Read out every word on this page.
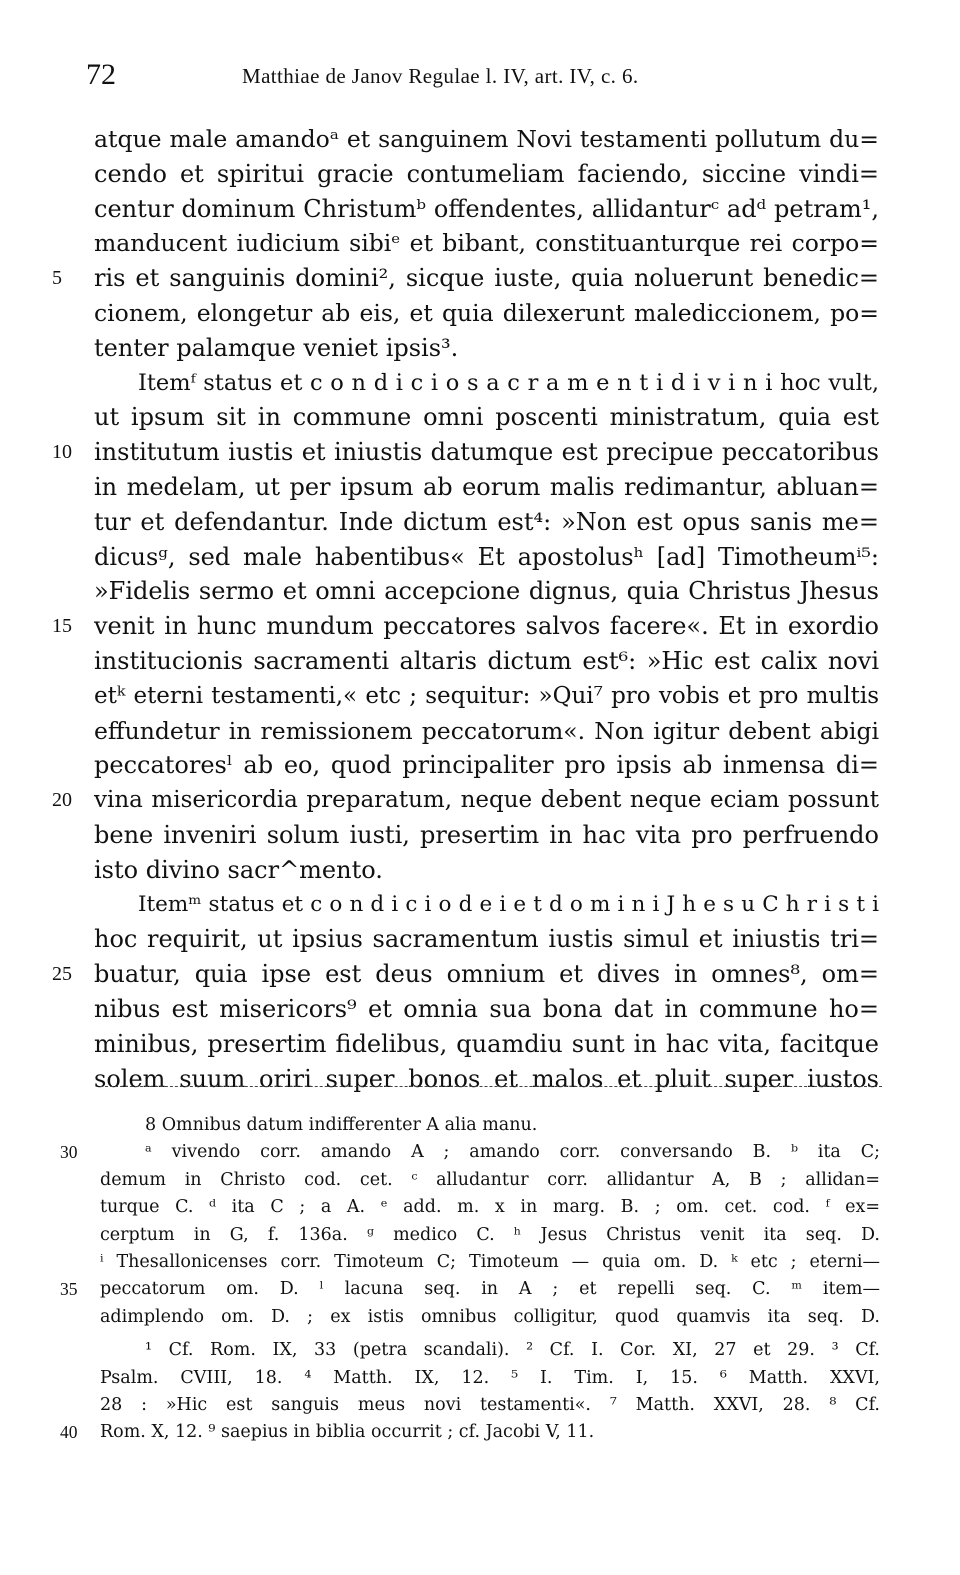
72	Matthiae de Janov Regulae l. IV, art. IV, c. 6.
atque male amandoᵃ et sanguinem Novi testamenti pollutum du=
cendo et spiritui gracie contumeliam faciendo, siccine vindi=
centur dominum Christumᵇ offendentes, allidanturᶜ adᵈ petram¹,
manducent iudicium sibiᵉ et bibant, constituanturque rei corpo=
5	ris et sanguinis domini², sicque iuste, quia noluerunt benedic=
cionem, elongetur ab eis, et quia dilexerunt malediccionem, po=
tenter palamque veniet ipsis³.
Itemᶠ status et c o n d i c i o s a c r a m e n t i d i v i n i hoc vult,
ut ipsum sit in commune omni poscenti ministratum, quia est
10 institutum iustis et iniustis datumque est precipue peccatoribus
in medelam, ut per ipsum ab eorum malis redimantur, abluan=
tur et defendantur. Inde dictum est⁴: »Non est opus sanis me=
dicusᵍ, sed male habentibus« Et apostolusʰ [ad] Timotheumⁱ⁵:
»Fidelis sermo et omni accepcione dignus, quia Christus Jhesus
15 venit in hunc mundum peccatores salvos facere«. Et in exordio
institucionis sacramenti altaris dictum est⁶: »Hic est calix novi
etᵏ eterni testamenti,« etc ; sequitur: »Qui⁷ pro vobis et pro multis
effundetur in remissionem peccatorum«. Non igitur debent abigi
peccatoresˡ ab eo, quod principaliter pro ipsis ab inmensa di=
20 vina misericordia preparatum, neque debent neque eciam possunt
bene inveniri solum iusti, presertim in hac vita pro perfruendo
isto divino sacr^mento.
Itemᵐ status et c o n d i c i o d e i e t d o m i n i J h e s u C h r i s t i
hoc requirit, ut ipsius sacramentum iustis simul et iniustis tri=
25 buatur, quia ipse est deus omnium et dives in omnes⁸, om=
nibus est misericors⁹ et omnia sua bona dat in commune ho=
minibus, presertim fidelibus, quamdiu sunt in hac vita, facitque
solem suum oriri super bonos et malos et pluit super iustos
8 Omnibus datum indifferenter A alia manu.
30	ᵃ vivendo corr. amando A ; amando corr. conversando B. ᵇ ita C;
demum in Christo cod. cet. ᶜ alludantur corr. allidantur A, B ; allidan=
turque C. ᵈ ita C ; a A. ᵉ add. m. x in marg. B. ; om. cet. cod. ᶠ ex=
cerptum in G, f. 136a. ᵍ medico C. ʰ Jesus Christus venit ita seq. D.
ⁱ Thesallonicenses corr. Timoteum C; Timoteum — quia om. D. ᵏ etc ; eterni—
35	peccatorum om. D. ˡ lacuna seq. in A ; et repelli seq. C. ᵐ item—
adimplendo om. D. ; ex istis omnibus colligitur, quod quamvis ita seq. D.
¹ Cf. Rom. IX, 33 (petra scandali). ² Cf. I. Cor. XI, 27 et 29. ³ Cf.
Psalm. CVIII, 18. ⁴ Matth. IX, 12. ⁵ I. Tim. I, 15. ⁶ Matth. XXVI,
28 : »Hic est sanguis meus novi testamenti«. ⁷ Matth. XXVI, 28. ⁸ Cf.
40	Rom. X, 12. ⁹ saepius in biblia occurrit ; cf. Jacobi V, 11.
